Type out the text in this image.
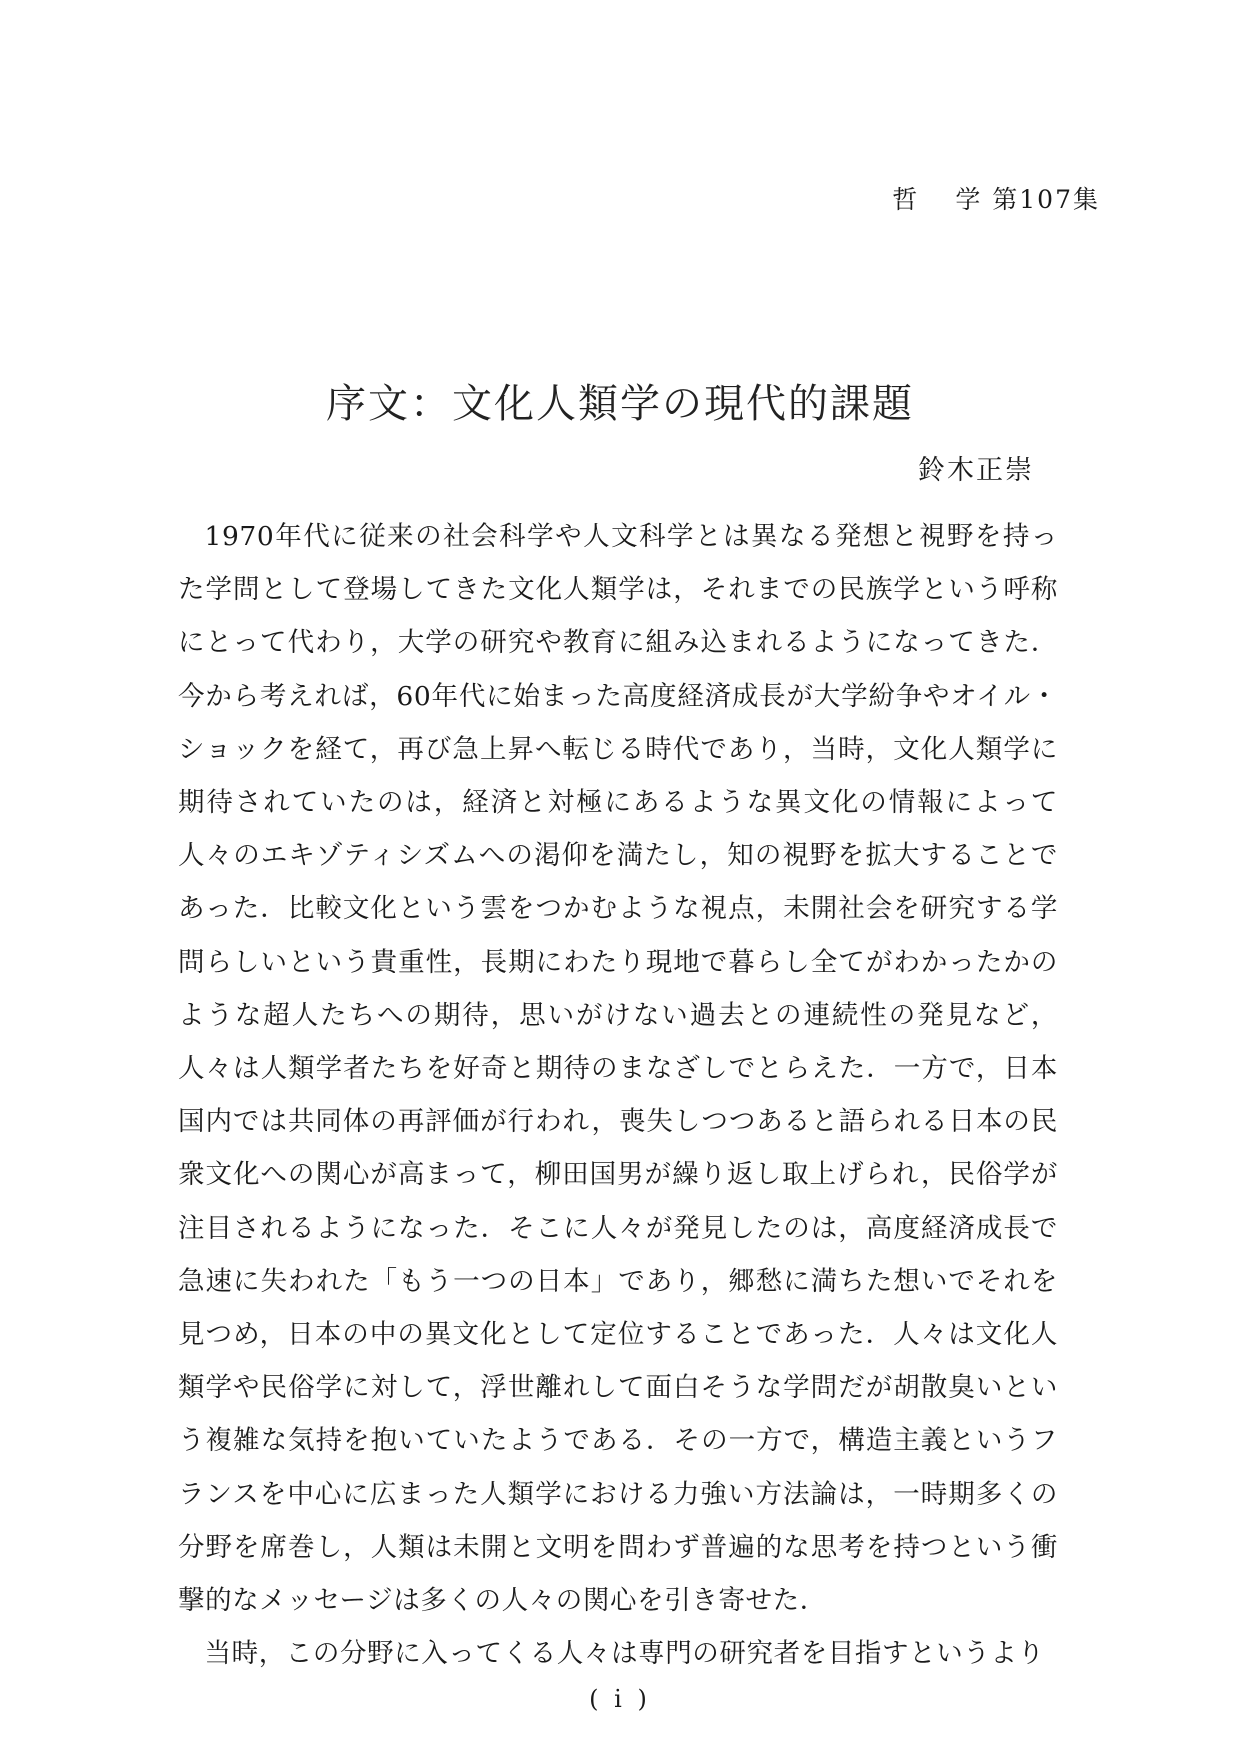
哲 学 第107集
序文：文化人類学の現代的課題

鈴木正崇

1970年代に従来の社会科学や人文科学とは異なる発想と視野を持った学問として登場してきた文化人類学は，それまでの民族学という呼称にとって代わり，大学の研究や教育に組み込まれるようになってきた．今から考えれば，60年代に始まった高度経済成長が大学紛争やオイル・ショックを経て，再び急上昇へ転じる時代であり，当時，文化人類学に期待されていたのは，経済と対極にあるような異文化の情報によって人々のエキゾティシズムへの渇仰を満たし，知の視野を拡大することであった．比較文化という雲をつかむような視点，未開社会を研究する学問らしいという貴重性，長期にわたり現地で暮らし全てがわかったかのような超人たちへの期待，思いがけない過去との連続性の発見など，人々は人類学者たちを好奇と期待のまなざしでとらえた．一方で，日本国内では共同体の再評価が行われ，喪失しつつあると語られる日本の民衆文化への関心が高まって，柳田国男が繰り返し取上げられ，民俗学が注目されるようになった．そこに人々が発見したのは，高度経済成長で急速に失われた「もう一つの日本」であり，郷愁に満ちた想いでそれを見つめ，日本の中の異文化として定位することであった．人々は文化人類学や民俗学に対して，浮世離れして面白そうな学問だが胡散臭いという複雑な気持を抱いていたようである．その一方で，構造主義というフランスを中心に広まった人類学における力強い方法論は，一時期多くの分野を席巻し，人類は未開と文明を問わず普遍的な思考を持つという衝撃的なメッセージは多くの人々の関心を引き寄せた．

当時，この分野に入ってくる人々は専門の研究者を目指すというより

( i )
